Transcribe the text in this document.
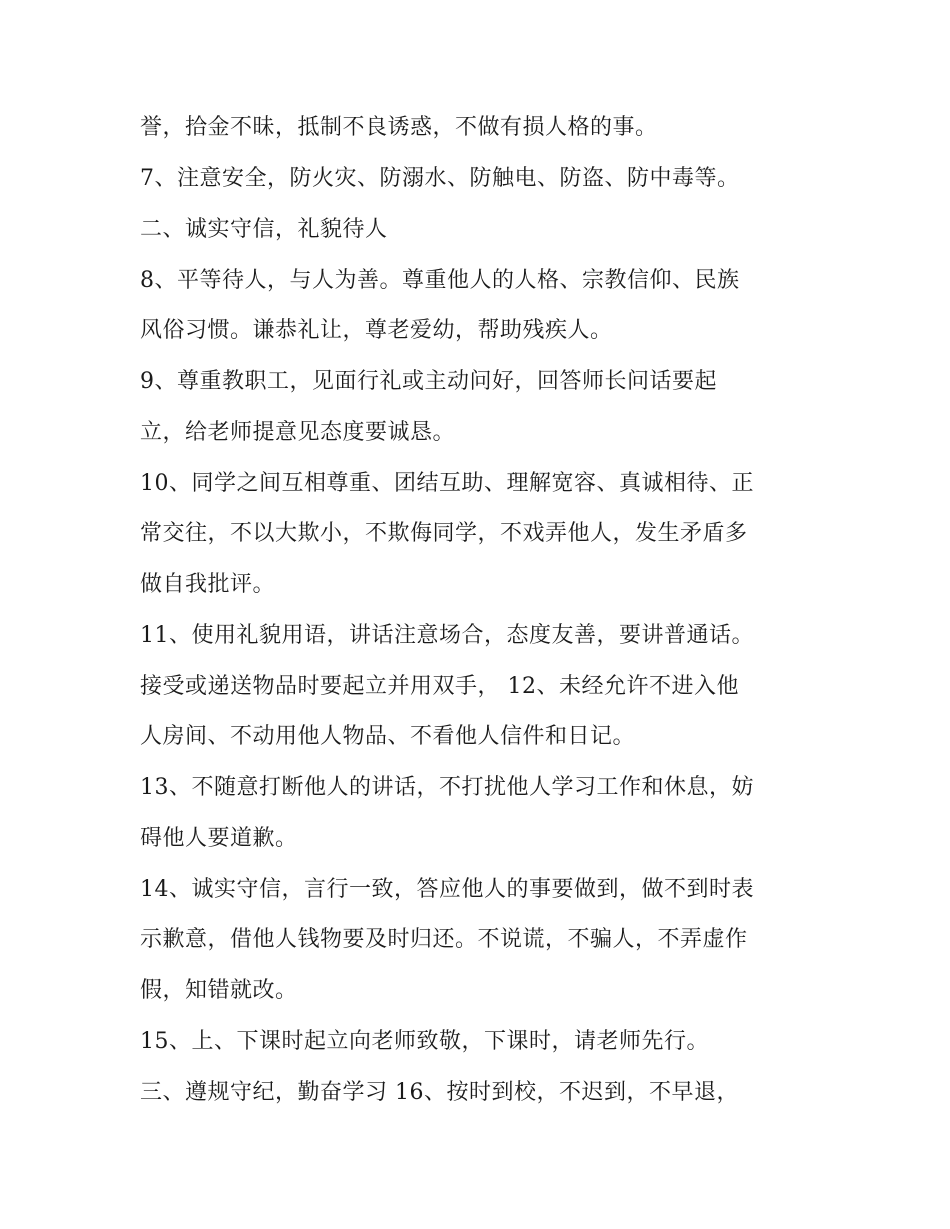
誉，拾金不昧，抵制不良诱惑，不做有损人格的事。
7、注意安全，防火灾、防溺水、防触电、防盗、防中毒等。
二、诚实守信，礼貌待人
8、平等待人，与人为善。尊重他人的人格、宗教信仰、民族
风俗习惯。谦恭礼让，尊老爱幼，帮助残疾人。
9、尊重教职工，见面行礼或主动问好，回答师长问话要起
立，给老师提意见态度要诚恳。
10、同学之间互相尊重、团结互助、理解宽容、真诚相待、正
常交往，不以大欺小，不欺侮同学，不戏弄他人，发生矛盾多
做自我批评。
11、使用礼貌用语，讲话注意场合，态度友善，要讲普通话。
接受或递送物品时要起立并用双手， 12、未经允许不进入他
人房间、不动用他人物品、不看他人信件和日记。
13、不随意打断他人的讲话，不打扰他人学习工作和休息，妨
碍他人要道歉。
14、诚实守信，言行一致，答应他人的事要做到，做不到时表
示歉意，借他人钱物要及时归还。不说谎，不骗人，不弄虚作
假，知错就改。
15、上、下课时起立向老师致敬，下课时，请老师先行。
三、遵规守纪，勤奋学习 16、按时到校，不迟到，不早退，
